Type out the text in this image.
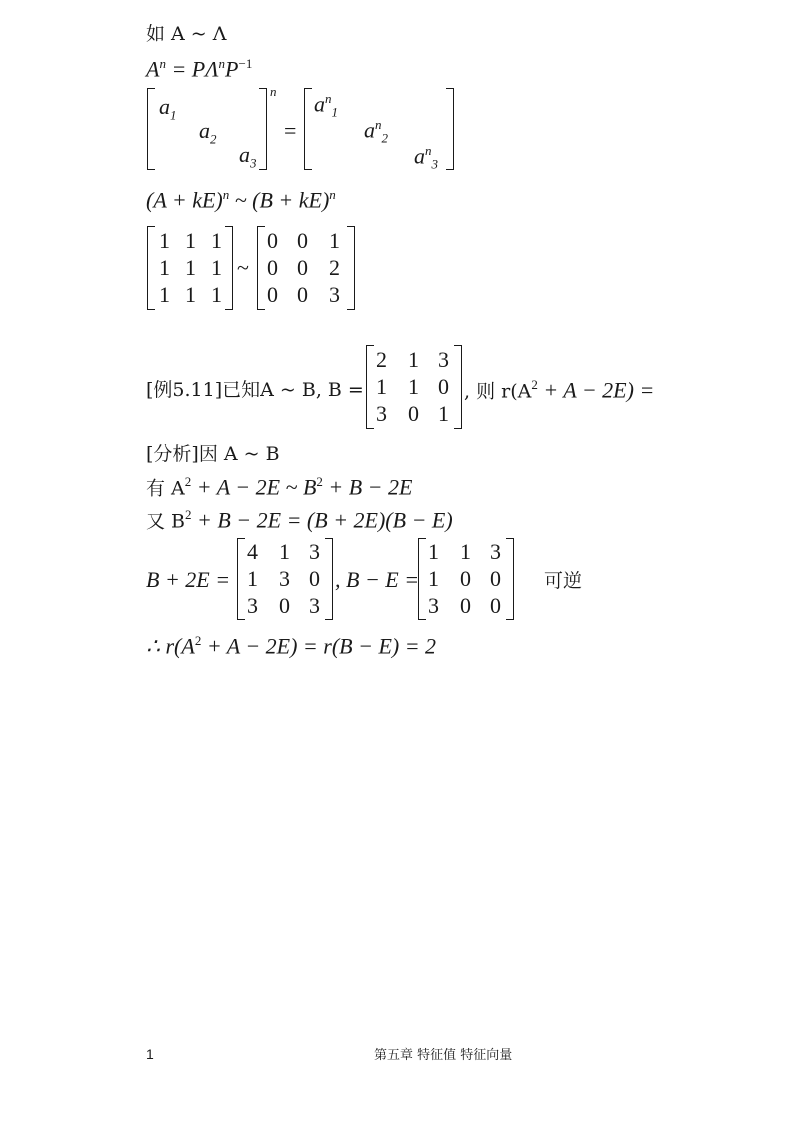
如 A ~ Λ
$A^n = P\Lambda^nP^{-1}$
$a_1$
$a_2$
$a_3$
n
=
$a^n_1$
$a^n_2$
$a^n_3$
(A + kE)$^n$ ~ (B + kE)$^n$
1 1 1
1 1 1
1 1 1
~
0 0 1
0 0 2
0 0 3
[例5.11]已知A ~ B, B =
2 1 3
1 1 0
3 0 1
, 则 $r(A^2 + A - 2E)$ =
[分析]因 A ~ B
有 $A^2 + A - 2E$ ~ $B^2 + B - 2E$
又 $B^2 + B - 2E = (B + 2E)(B - E)$
B + 2E =
4 1 3
1 3 0
3 0 3
, B − E =
1 1 3
1 0 0
3 0 0
可逆
∴ $r(A^2 + A - 2E) = r(B - E) = 2$
1	第五章 特征值 特征向量
